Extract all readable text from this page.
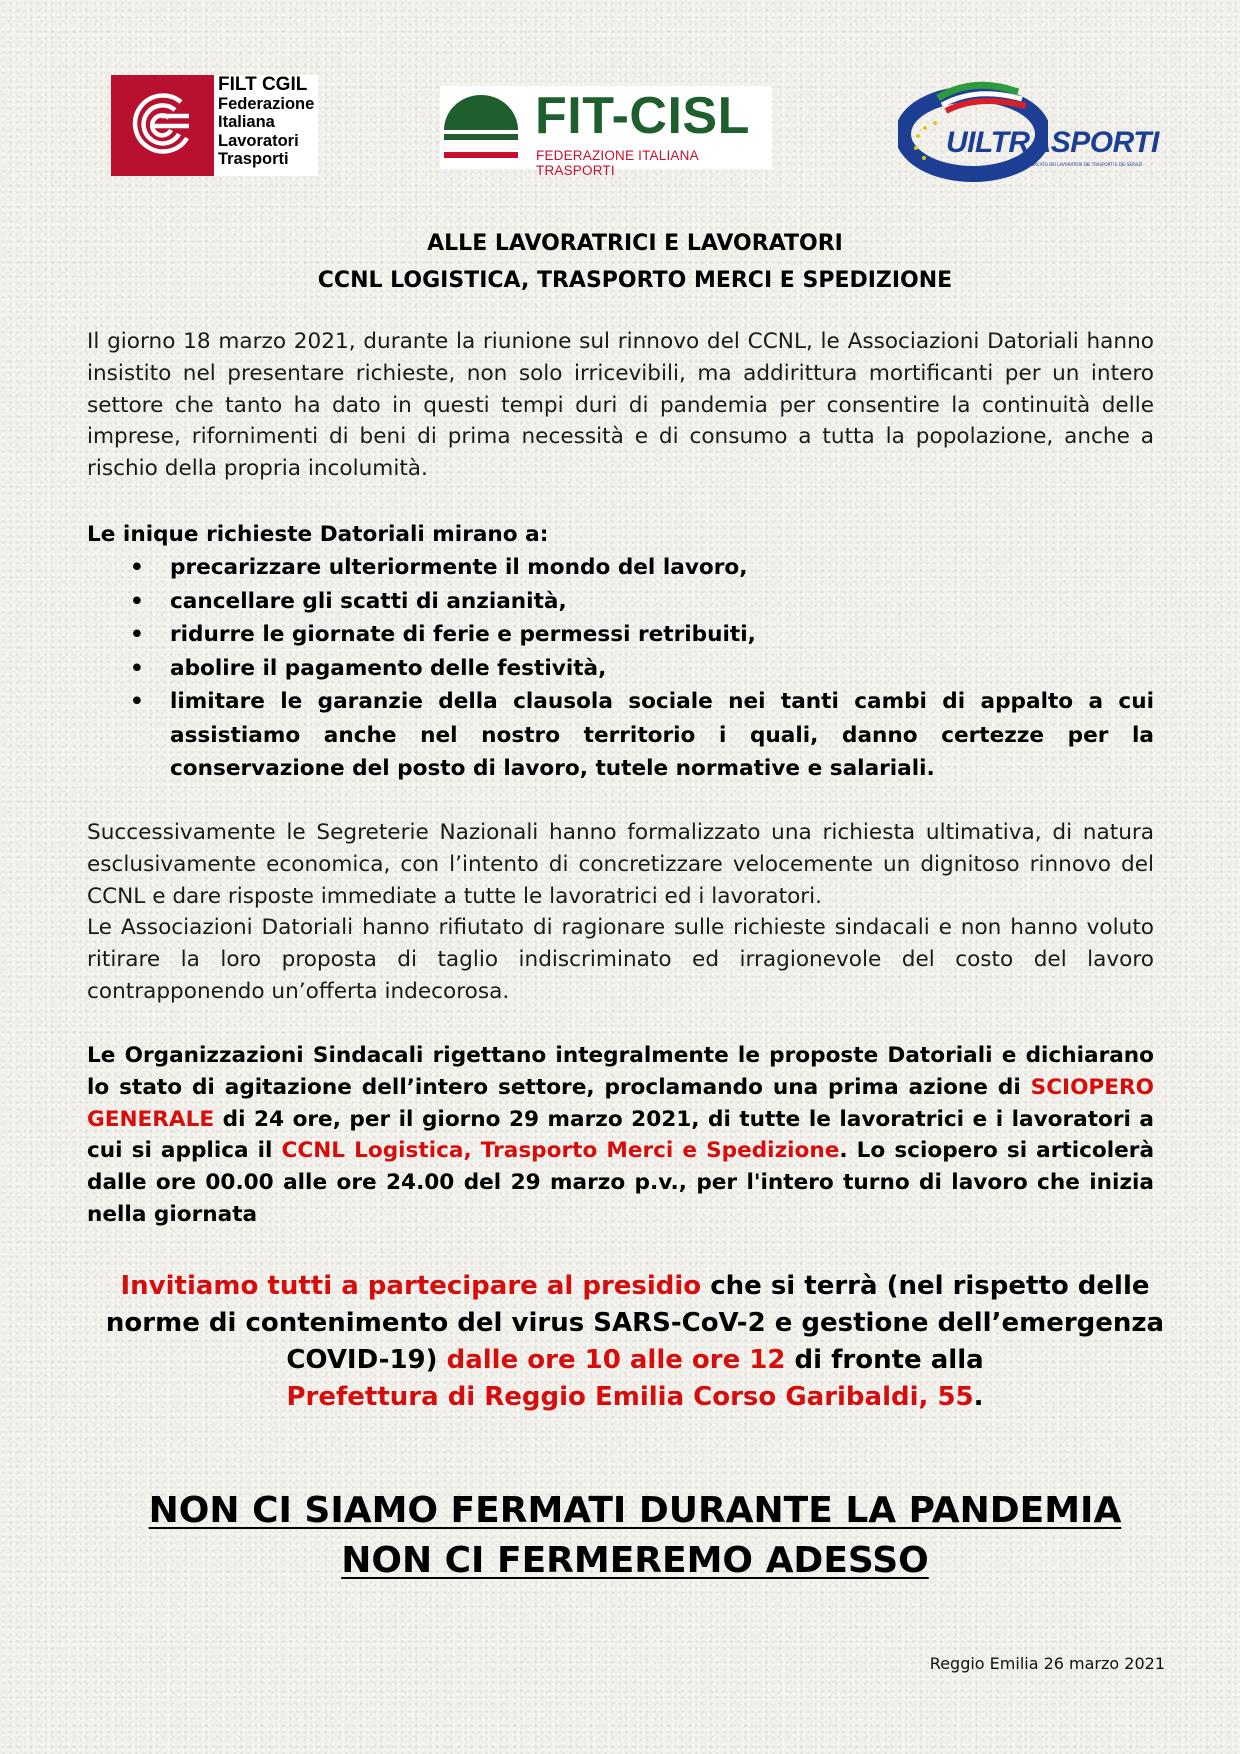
FILT CGIL
Federazione
Italiana
Lavoratori
Trasporti
FIT-CISL
FEDERAZIONE ITALIANA TRASPORTI
UILTRASPORTI
IL SINDACATO DEI LAVORATORI DEI TRASPORTI E DEI SERVIZI
ALLE LAVORATRICI E LAVORATORI
CCNL LOGISTICA, TRASPORTO MERCI E SPEDIZIONE

Il giorno 18 marzo 2021, durante la riunione sul rinnovo del CCNL, le Associazioni Datoriali hanno insistito nel presentare richieste, non solo irricevibili, ma addirittura mortificanti per un intero settore che tanto ha dato in questi tempi duri di pandemia per consentire la continuità delle imprese, rifornimenti di beni di prima necessità e di consumo a tutta la popolazione, anche a rischio della propria incolumità.

Le inique richieste Datoriali mirano a:
• precarizzare ulteriormente il mondo del lavoro,
• cancellare gli scatti di anzianità,
• ridurre le giornate di ferie e permessi retribuiti,
• abolire il pagamento delle festività,
• limitare le garanzie della clausola sociale nei tanti cambi di appalto a cui assistiamo anche nel nostro territorio i quali, danno certezze per la conservazione del posto di lavoro, tutele normative e salariali.

Successivamente le Segreterie Nazionali hanno formalizzato una richiesta ultimativa, di natura esclusivamente economica, con l’intento di concretizzare velocemente un dignitoso rinnovo del CCNL e dare risposte immediate a tutte le lavoratrici ed i lavoratori.

Le Associazioni Datoriali hanno rifiutato di ragionare sulle richieste sindacali e non hanno voluto ritirare la loro proposta di taglio indiscriminato ed irragionevole del costo del lavoro contrapponendo un’offerta indecorosa.

Le Organizzazioni Sindacali rigettano integralmente le proposte Datoriali e dichiarano lo stato di agitazione dell’intero settore, proclamando una prima azione di SCIOPERO GENERALE di 24 ore, per il giorno 29 marzo 2021, di tutte le lavoratrici e i lavoratori a cui si applica il CCNL Logistica, Trasporto Merci e Spedizione. Lo sciopero si articolerà dalle ore 00.00 alle ore 24.00 del 29 marzo p.v., per l'intero turno di lavoro che inizia nella giornata

Invitiamo tutti a partecipare al presidio che si terrà (nel rispetto delle norme di contenimento del virus SARS-CoV-2 e gestione dell’emergenza COVID-19) dalle ore 10 alle ore 12 di fronte alla
Prefettura di Reggio Emilia Corso Garibaldi, 55.
NON CI SIAMO FERMATI DURANTE LA PANDEMIA
NON CI FERMEREMO ADESSO
Reggio Emilia 26 marzo 2021
